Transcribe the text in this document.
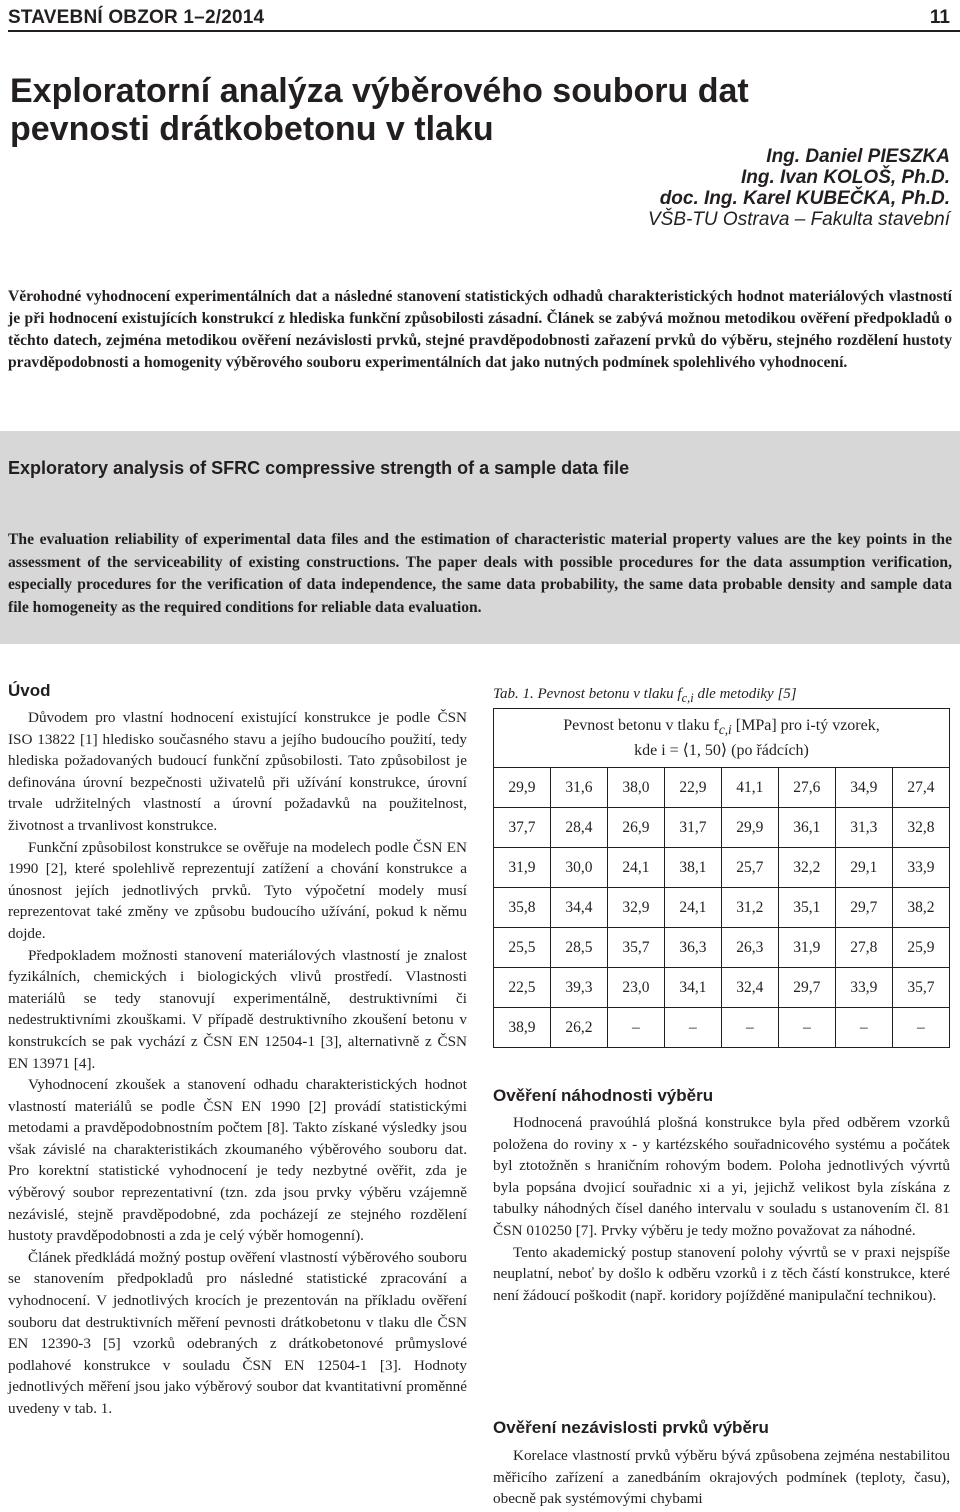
STAVEBNÍ OBZOR 1–2/2014	11
Exploratorní analýza výběrového souboru dat
pevnosti drátkobetonu v tlaku
Ing. Daniel PIESZKA
Ing. Ivan KOLOŠ, Ph.D.
doc. Ing. Karel KUBEČKA, Ph.D.
VŠB-TU Ostrava – Fakulta stavební

Věrohodné vyhodnocení experimentálních dat a následné stanovení statistických odhadů charakteristických hodnot materiálových vlastností je při hodnocení existujících konstrukcí z hlediska funkční způsobilosti zásadní. Článek se zabývá možnou metodikou ověření předpokladů o těchto datech, zejména metodikou ověření nezávislosti prvků, stejné pravděpodobnosti zařazení prvků do výběru, stejného rozdělení hustoty pravděpodobnosti a homogenity výběrového souboru experimentálních dat jako nutných podmínek spolehlivého vyhodnocení.

Exploratory analysis of SFRC compressive strength of a sample data file

The evaluation reliability of experimental data files and the estimation of characteristic material property values are the key points in the assessment of the serviceability of existing constructions. The paper deals with possible procedures for the data assumption verification, especially procedures for the verification of data independence, the same data probability, the same data probable density and sample data file homogeneity as the required conditions for reliable data evaluation.

Úvod

Důvodem pro vlastní hodnocení existující konstrukce je podle ČSN ISO 13822 [1] hlediskо současného stavu a jejího budoucího použití, tedy hlediska požadovaných budoucí funkční způsobilosti. Tato způsobilost je definována úrovní bezpečnosti uživatelů při užívání konstrukce, úrovní trvale udržitelných vlastností a úrovní požadavků na použitelnost, životnost a trvanlivost konstrukce.

Funkční způsobilost konstrukce se ověřuje na modelech podle ČSN EN 1990 [2], které spolehlivě reprezentují zatížení a chování konstrukce a únosnost jejích jednotlivých prvků. Tyto výpočetní modely musí reprezentovat také změny ve způsobu budoucího užívání, pokud k němu dojde.

Předpokladem možnosti stanovení materiálových vlastností je znalost fyzikálních, chemických i biologických vlivů prostředí. Vlastnosti materiálů se tedy stanovují experimentálně, destruktivními či nedestruktivními zkouškami. V případě destruktivního zkoušení betonu v konstrukcích se pak vychází z ČSN EN 12504-1 [3], alternativně z ČSN EN 13971 [4].

Vyhodnocení zkoušek a stanovení odhadu charakteristických hodnot vlastností materiálů se podle ČSN EN 1990 [2] provádí statistickými metodami a pravděpodobnostním počtem [8]. Takto získané výsledky jsou však závislé na charakteristikách zkoumaného výběrového souboru dat. Pro korektní statistické vyhodnocení je tedy nezbytné ověřit, zda je výběrový soubor reprezentativní (tzn. zda jsou prvky výběru vzájemně nezávislé, stejně pravděpodobné, zda pocházejí ze stejného rozdělení hustoty pravděpodobnosti a zda je celý výběr homogenní).

Článek předkládá možný postup ověření vlastností výběrového souboru se stanovením předpokladů pro následné statistické zpracování a vyhodnocení. V jednotlivých krocích je prezentován na příkladu ověření souboru dat destruktivních měření pevnosti drátkobetonu v tlaku dle ČSN EN 12390-3 [5] vzorků odebraných z drátkobetonové průmyslové podlahové konstrukce v souladu ČSN EN 12504-1 [3]. Hodnoty jednotlivých měření jsou jako výběrový soubor dat kvantitativní proměnné uvedeny v tab. 1.

Tab. 1. Pevnost betonu v tlaku $f_{c,i}$ dle metodiky [5]
Pevnost betonu v tlaku $f_{c,i}$ [MPa] pro i-tý vzorek,
kde i = ⟨1, 50⟩ (po řádcích)							
29,9	31,6	38,0	22,9	41,1	27,6	34,9	27,4
37,7	28,4	26,9	31,7	29,9	36,1	31,3	32,8
31,9	30,0	24,1	38,1	25,7	32,2	29,1	33,9
35,8	34,4	32,9	24,1	31,2	35,1	29,7	38,2
25,5	28,5	35,7	36,3	26,3	31,9	27,8	25,9
22,5	39,3	23,0	34,1	32,4	29,7	33,9	35,7
38,9	26,2	–	–	–	–	–	–
Ověření náhodnosti výběru

Hodnocená pravoúhlá plošná konstrukce byla před odběrem vzorků položena do roviny x - y kartézského souřadnicového systému a počátek byl ztotožněn s hraničním rohovým bodem. Poloha jednotlivých vývrtů byla popsána dvojicí souřadnic xi a yi, jejichž velikost byla získána z tabulky náhodných čísel daného intervalu v souladu s ustanovením čl. 81 ČSN 010250 [7]. Prvky výběru je tedy možno považovat za náhodné.

Tento akademický postup stanovení polohy vývrtů se v praxi nejspíše neuplatní, neboť by došlo k odběru vzorků i z těch částí konstrukce, které není žádoucí poškodit (např. koridory pojížděné manipulační technikou).

Ověření nezávislosti prvků výběru

Korelace vlastností prvků výběru bývá způsobena zejména nestabilitou měřicího zařízení a zanedbáním okrajových podmínek (teploty, času), obecně pak systémovými chybami
